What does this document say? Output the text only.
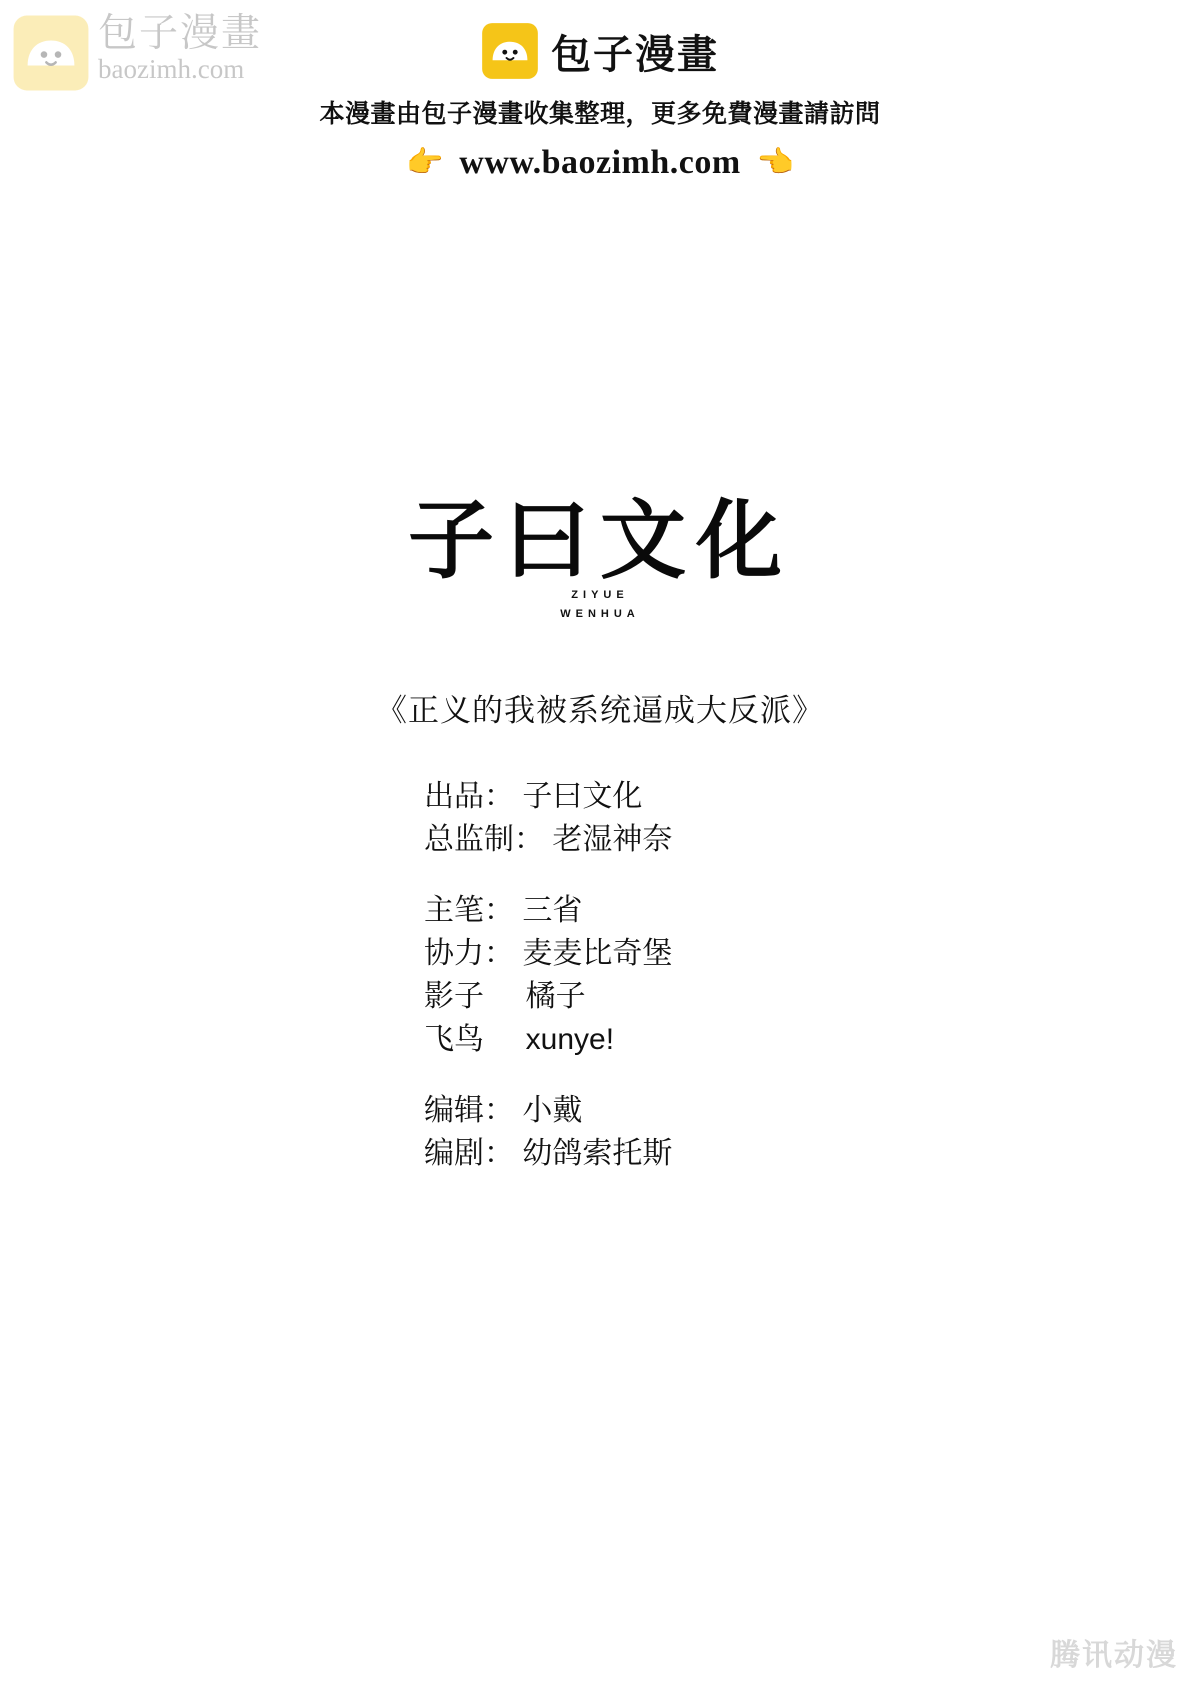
包子漫畫
baozimh.com	包子漫畫
本漫畫由包子漫畫收集整理，更多免費漫畫請訪問
👉 www.baozimh.com 👈
子曰文化
ZIYUE
WENHUA
《正义的我被系统逼成大反派》
出品： 子曰文化
总监制： 老湿神奈
主笔： 三省
协力： 麦麦比奇堡
影子     橘子
飞鸟     xunye!
编辑： 小戴
编剧： 幼鸽索托斯
腾讯动漫
